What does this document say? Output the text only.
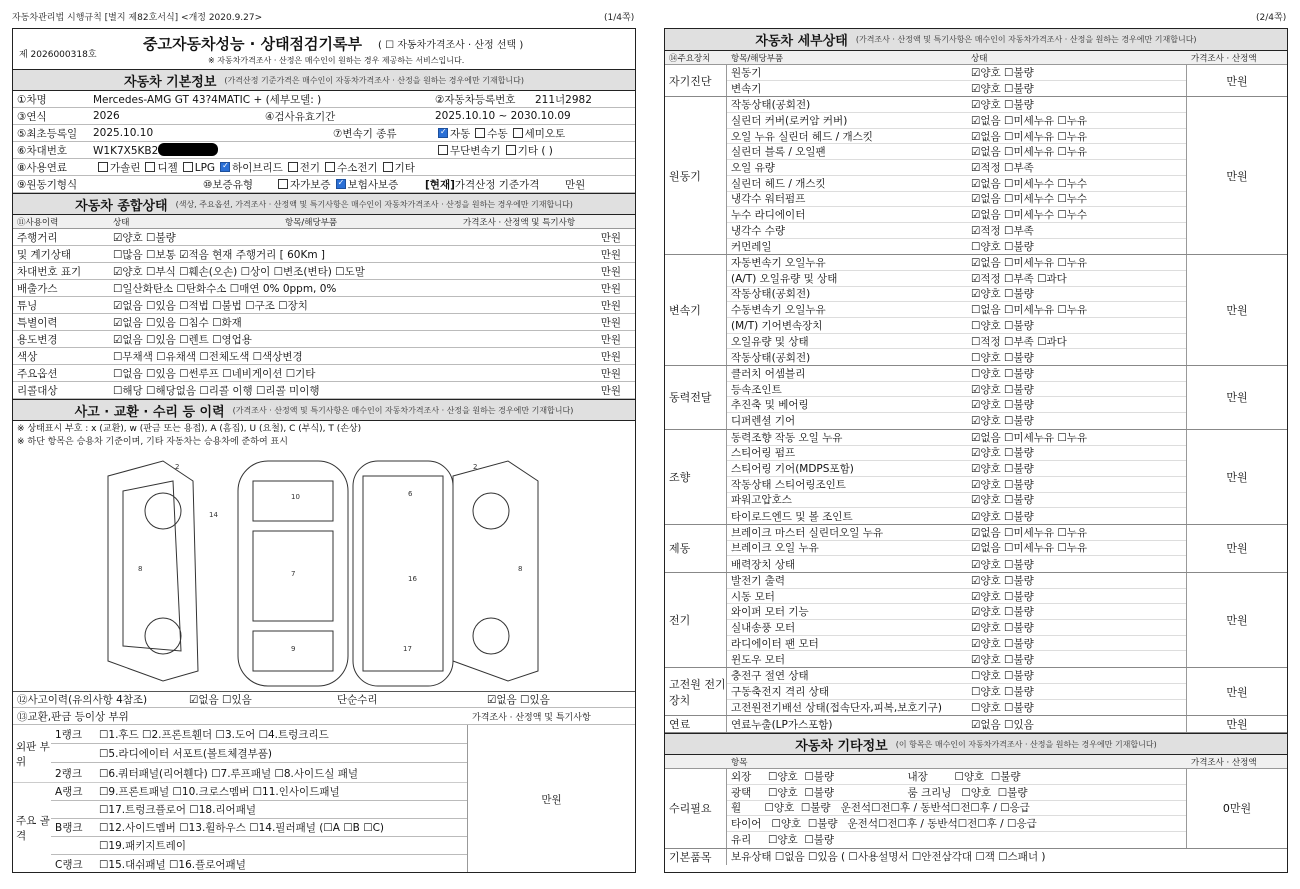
자동차관리법 시행규칙 [별지 제82호서식] <개정 2020.9.27>	(1/4쪽)	(2/4쪽)
제 2026000318호
중고자동차성능 · 상태점검기록부 ( ☐ 자동차가격조사 · 산정 선택 )
※ 자동차가격조사 · 산정은 매수인이 원하는 경우 제공하는 서비스입니다.
자동차 기본정보 (가격산정 기준가격은 매수인이 자동차가격조사 · 산정을 원하는 경우에만 기재합니다)
①차명	Mercedes-AMG GT 43?4MATIC + (세부모델: )	②자동차등록번호	211너2982
③연식	2026	④검사유효기간	2025.10.10 ~ 2030.10.09
⑤최초등록일	2025.10.10	⑦변속기 종류 ✓	자동 수동 세미오토
⑥차대번호	W1K7X5KB2	무단변속기 기타 ( )
⑧사용연료	가솔린 디젤 LPG ✓ 하이브리드 전기 수소전기 기타
⑨원동기형식	⑩보증유형	자가보증 ✓ 보험사보증	[현재]가격산정 기준가격	만원
자동차 종합상태 (색상, 주요옵션, 가격조사 · 산정액 및 특기사항은 매수인이 자동차가격조사 · 산정을 원하는 경우에만 기재합니다)
⑪사용이력	상태	항목/해당부품	가격조사 · 산정액 및 특기사항
주행거리	☑양호 ☐불량	만원
및 계기상태	☐많음 ☐보통 ☑적음 현재 주행거리 [ 60Km ]	만원
차대번호 표기	☑양호 ☐부식 ☐훼손(오손) ☐상이 ☐변조(변타) ☐도말	만원
배출가스	☐일산화탄소 ☐탄화수소 ☐매연 0% 0ppm, 0%	만원
튜닝	☑없음 ☐있음 ☐적법 ☐불법 ☐구조 ☐장치	만원
특별이력	☑없음 ☐있음 ☐침수 ☐화재	만원
용도변경	☑없음 ☐있음 ☐렌트 ☐영업용	만원
색상	☐무채색 ☐유채색 ☐전체도색 ☐색상변경	만원
주요옵션	☐없음 ☐있음 ☐썬루프 ☐네비게이션 ☐기타	만원
리콜대상	☐해당 ☐해당없음 ☐리콜 이행 ☐리콜 미이행	만원
사고 · 교환 · 수리 등 이력 (가격조사 · 산정액 및 특기사항은 매수인이 자동차가격조사 · 산정을 원하는 경우에만 기재합니다)
※ 상태표시 부호 : x (교환), w (판금 또는 용접), A (흠집), U (요철), C (부식), T (손상)
※ 하단 항목은 승용차 기준이며, 기타 자동차는 승용차에 준하여 표시
2
14
8
10
7
9
6
16
17
2
8
⑫사고이력(유의사항 4참조)	☑없음 ☐있음	단순수리	☑없음 ☐있음
⑬교환,판금 등이상 부위	가격조사 · 산정액 및 특기사항
외판 부위
1랭크	☐1.후드 ☐2.프론트휀더 ☐3.도어 ☐4.트렁크리드
☐5.라디에이터 서포트(볼트체결부품)
2랭크	☐6.쿼터패널(리어휀다) ☐7.루프패널 ☐8.사이드실 패널
주요 골격
A랭크	☐9.프론트패널 ☐10.크로스멤버 ☐11.인사이드패널
☐17.트렁크플로어 ☐18.리어패널
B랭크	☐12.사이드멤버 ☐13.휠하우스 ☐14.필러패널 (☐A ☐B ☐C)
☐19.패키지트레이
C랭크	☐15.대쉬패널 ☐16.플로어패널
만원
자동차 세부상태 (가격조사 · 산정액 및 특기사항은 매수인이 자동차가격조사 · 산정을 원하는 경우에만 기재합니다)
⑭주요장치	항목/해당부품	상태	가격조사 · 산정액
자기진단
원동기	☑양호 ☐불량
변속기	☑양호 ☐불량
만원
원동기
작동상태(공회전)	☑양호 ☐불량
실린더 커버(로커암 커버)	☑없음 ☐미세누유 ☐누유
오일 누유 실린더 헤드 / 개스킷	☑없음 ☐미세누유 ☐누유
실린더 블록 / 오일팬	☑없음 ☐미세누유 ☐누유
오일 유량	☑적정 ☐부족
실린더 헤드 / 개스킷	☑없음 ☐미세누수 ☐누수
냉각수 워터펌프	☑없음 ☐미세누수 ☐누수
누수 라디에이터	☑없음 ☐미세누수 ☐누수
냉각수 수량	☑적정 ☐부족
커먼레일	☐양호 ☐불량
만원
변속기
자동변속기 오일누유	☑없음 ☐미세누유 ☐누유
(A/T) 오일유량 및 상태	☑적정 ☐부족 ☐과다
작동상태(공회전)	☑양호 ☐불량
수동변속기 오일누유	☐없음 ☐미세누유 ☐누유
(M/T) 기어변속장치	☐양호 ☐불량
오일유량 및 상태	☐적정 ☐부족 ☐과다
작동상태(공회전)	☐양호 ☐불량
만원
동력전달
클러치 어셈블리	☐양호 ☐불량
등속조인트	☑양호 ☐불량
추진축 및 베어링	☑양호 ☐불량
디퍼렌셜 기어	☑양호 ☐불량
만원
조향
동력조향 작동 오일 누유	☑없음 ☐미세누유 ☐누유
스티어링 펌프	☑양호 ☐불량
스티어링 기어(MDPS포함)	☑양호 ☐불량
작동상태 스티어링조인트	☑양호 ☐불량
파워고압호스	☑양호 ☐불량
타이로드엔드 및 볼 조인트	☑양호 ☐불량
만원
제동
브레이크 마스터 실린더오일 누유	☑없음 ☐미세누유 ☐누유
브레이크 오일 누유	☑없음 ☐미세누유 ☐누유
배력장치 상태	☑양호 ☐불량
만원
전기
발전기 출력	☑양호 ☐불량
시동 모터	☑양호 ☐불량
와이퍼 모터 기능	☑양호 ☐불량
실내송풍 모터	☑양호 ☐불량
라디에이터 팬 모터	☑양호 ☐불량
윈도우 모터	☑양호 ☐불량
만원
고전원 전기장치
충전구 절연 상태	☐양호 ☐불량
구동축전지 격리 상태	☐양호 ☐불량
고전원전기배선 상태(접속단자,피복,보호기구)	☐양호 ☐불량
만원
연료	연료누출(LP가스포함)	☑없음 ☐있음	만원
자동차 기타정보 (이 항목은 매수인이 자동차가격조사 · 산정을 원하는 경우에만 기재합니다)
항목	가격조사 · 산정액
수리필요
외장     ☐양호  ☐불량                      내장        ☐양호  ☐불량
광택     ☐양호  ☐불량                      룸 크리닝   ☐양호  ☐불량
휠       ☐양호  ☐불량   운전석☐전☐후 / 동반석☐전☐후 / ☐응급
타이어   ☐양호  ☐불량   운전석☐전☐후 / 동반석☐전☐후 / ☐응급
유리     ☐양호  ☐불량
0만원
기본품목	보유상태 ☐없음 ☐있음 ( ☐사용설명서 ☐안전삼각대 ☐잭 ☐스패너 )
